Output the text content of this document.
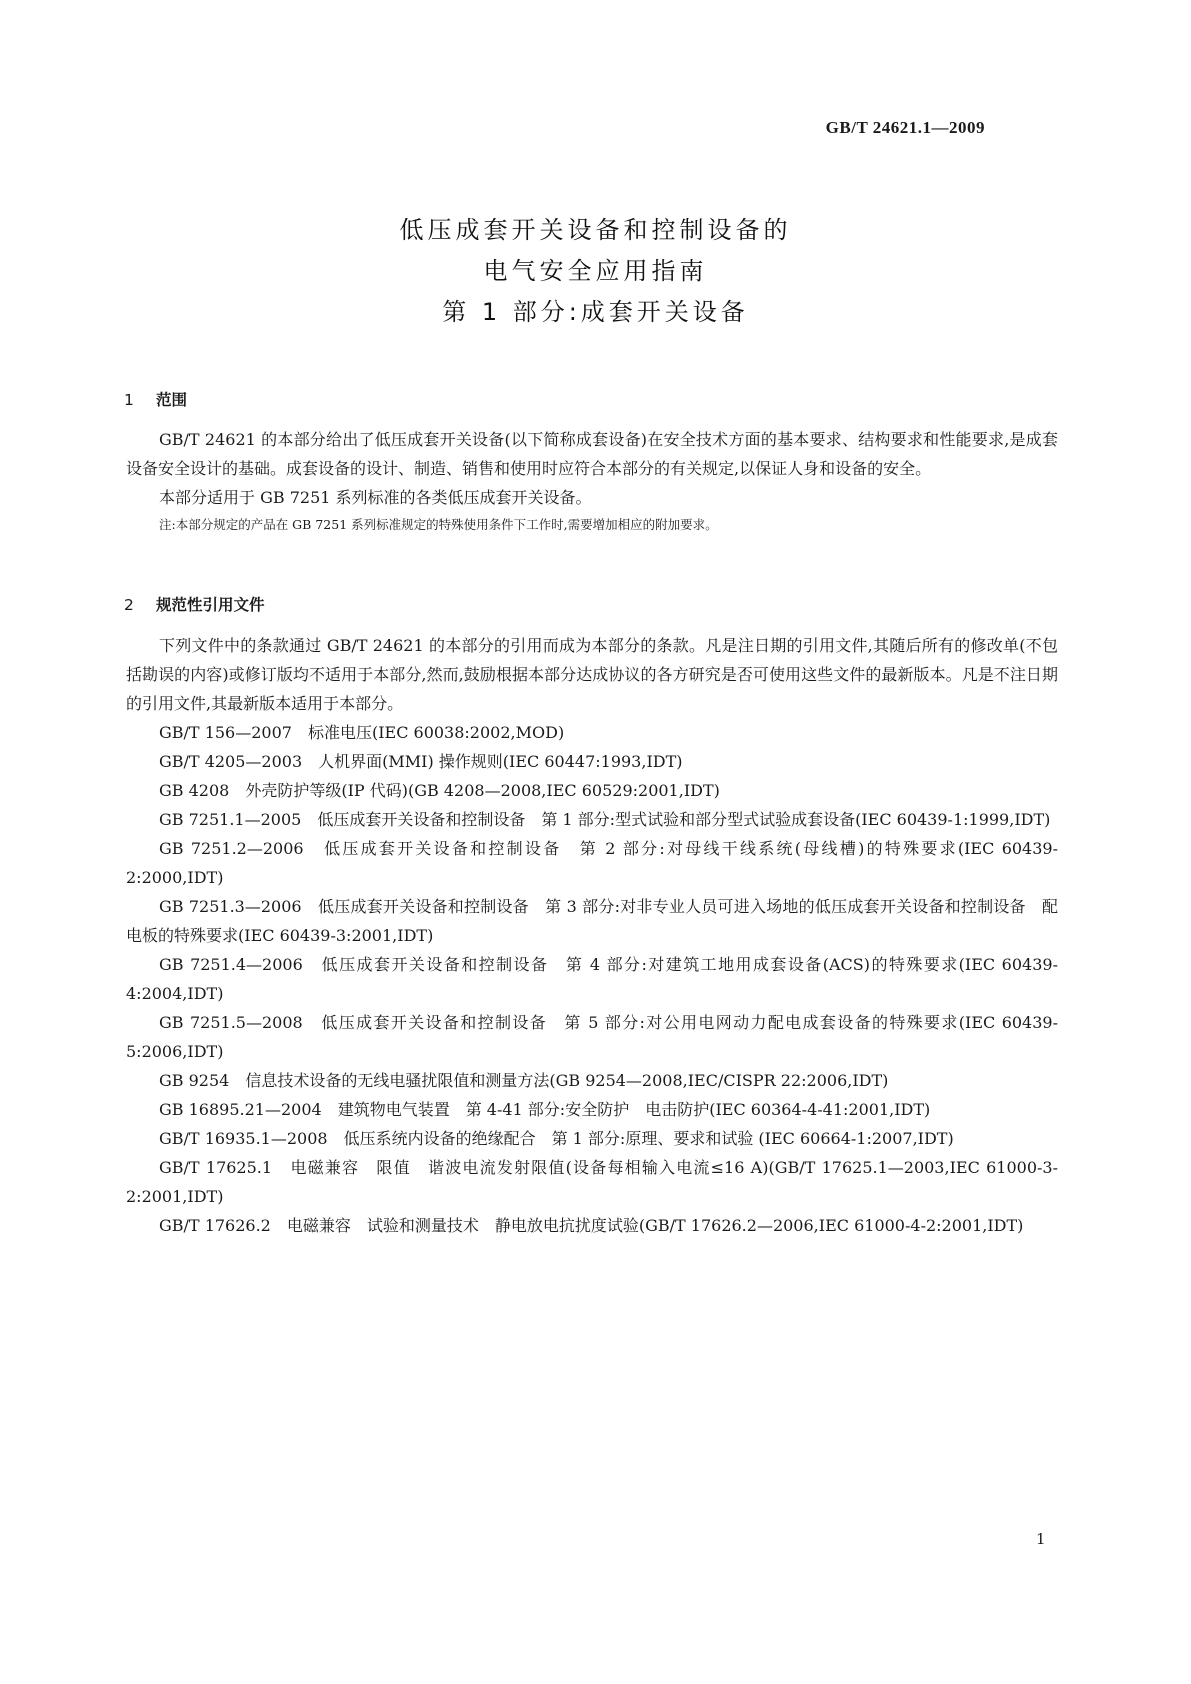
GB/T 24621.1—2009
低压成套开关设备和控制设备的
电气安全应用指南
第 1 部分:成套开关设备
1 范围

GB/T 24621 的本部分给出了低压成套开关设备(以下简称成套设备)在安全技术方面的基本要求、结构要求和性能要求,是成套设备安全设计的基础。成套设备的设计、制造、销售和使用时应符合本部分的有关规定,以保证人身和设备的安全。

本部分适用于 GB 7251 系列标准的各类低压成套开关设备。

注:本部分规定的产品在 GB 7251 系列标准规定的特殊使用条件下工作时,需要增加相应的附加要求。

2 规范性引用文件

下列文件中的条款通过 GB/T 24621 的本部分的引用而成为本部分的条款。凡是注日期的引用文件,其随后所有的修改单(不包括勘误的内容)或修订版均不适用于本部分,然而,鼓励根据本部分达成协议的各方研究是否可使用这些文件的最新版本。凡是不注日期的引用文件,其最新版本适用于本部分。

GB/T 156—2007　标准电压(IEC 60038:2002,MOD)

GB/T 4205—2003　人机界面(MMI) 操作规则(IEC 60447:1993,IDT)

GB 4208　外壳防护等级(IP 代码)(GB 4208—2008,IEC 60529:2001,IDT)

GB 7251.1—2005　低压成套开关设备和控制设备　第 1 部分:型式试验和部分型式试验成套设备(IEC 60439-1:1999,IDT)

GB 7251.2—2006　低压成套开关设备和控制设备　第 2 部分:对母线干线系统(母线槽)的特殊要求(IEC 60439-2:2000,IDT)

GB 7251.3—2006　低压成套开关设备和控制设备　第 3 部分:对非专业人员可进入场地的低压成套开关设备和控制设备　配电板的特殊要求(IEC 60439-3:2001,IDT)

GB 7251.4—2006　低压成套开关设备和控制设备　第 4 部分:对建筑工地用成套设备(ACS)的特殊要求(IEC 60439-4:2004,IDT)

GB 7251.5—2008　低压成套开关设备和控制设备　第 5 部分:对公用电网动力配电成套设备的特殊要求(IEC 60439-5:2006,IDT)

GB 9254　信息技术设备的无线电骚扰限值和测量方法(GB 9254—2008,IEC/CISPR 22:2006,IDT)

GB 16895.21—2004　建筑物电气装置　第 4-41 部分:安全防护　电击防护(IEC 60364-4-41:2001,IDT)

GB/T 16935.1—2008　低压系统内设备的绝缘配合　第 1 部分:原理、要求和试验 (IEC 60664-1:2007,IDT)

GB/T 17625.1　电磁兼容　限值　谐波电流发射限值(设备每相输入电流≤16 A)(GB/T 17625.1—2003,IEC 61000-3-2:2001,IDT)

GB/T 17626.2　电磁兼容　试验和测量技术　静电放电抗扰度试验(GB/T 17626.2—2006,IEC 61000-4-2:2001,IDT)

1
